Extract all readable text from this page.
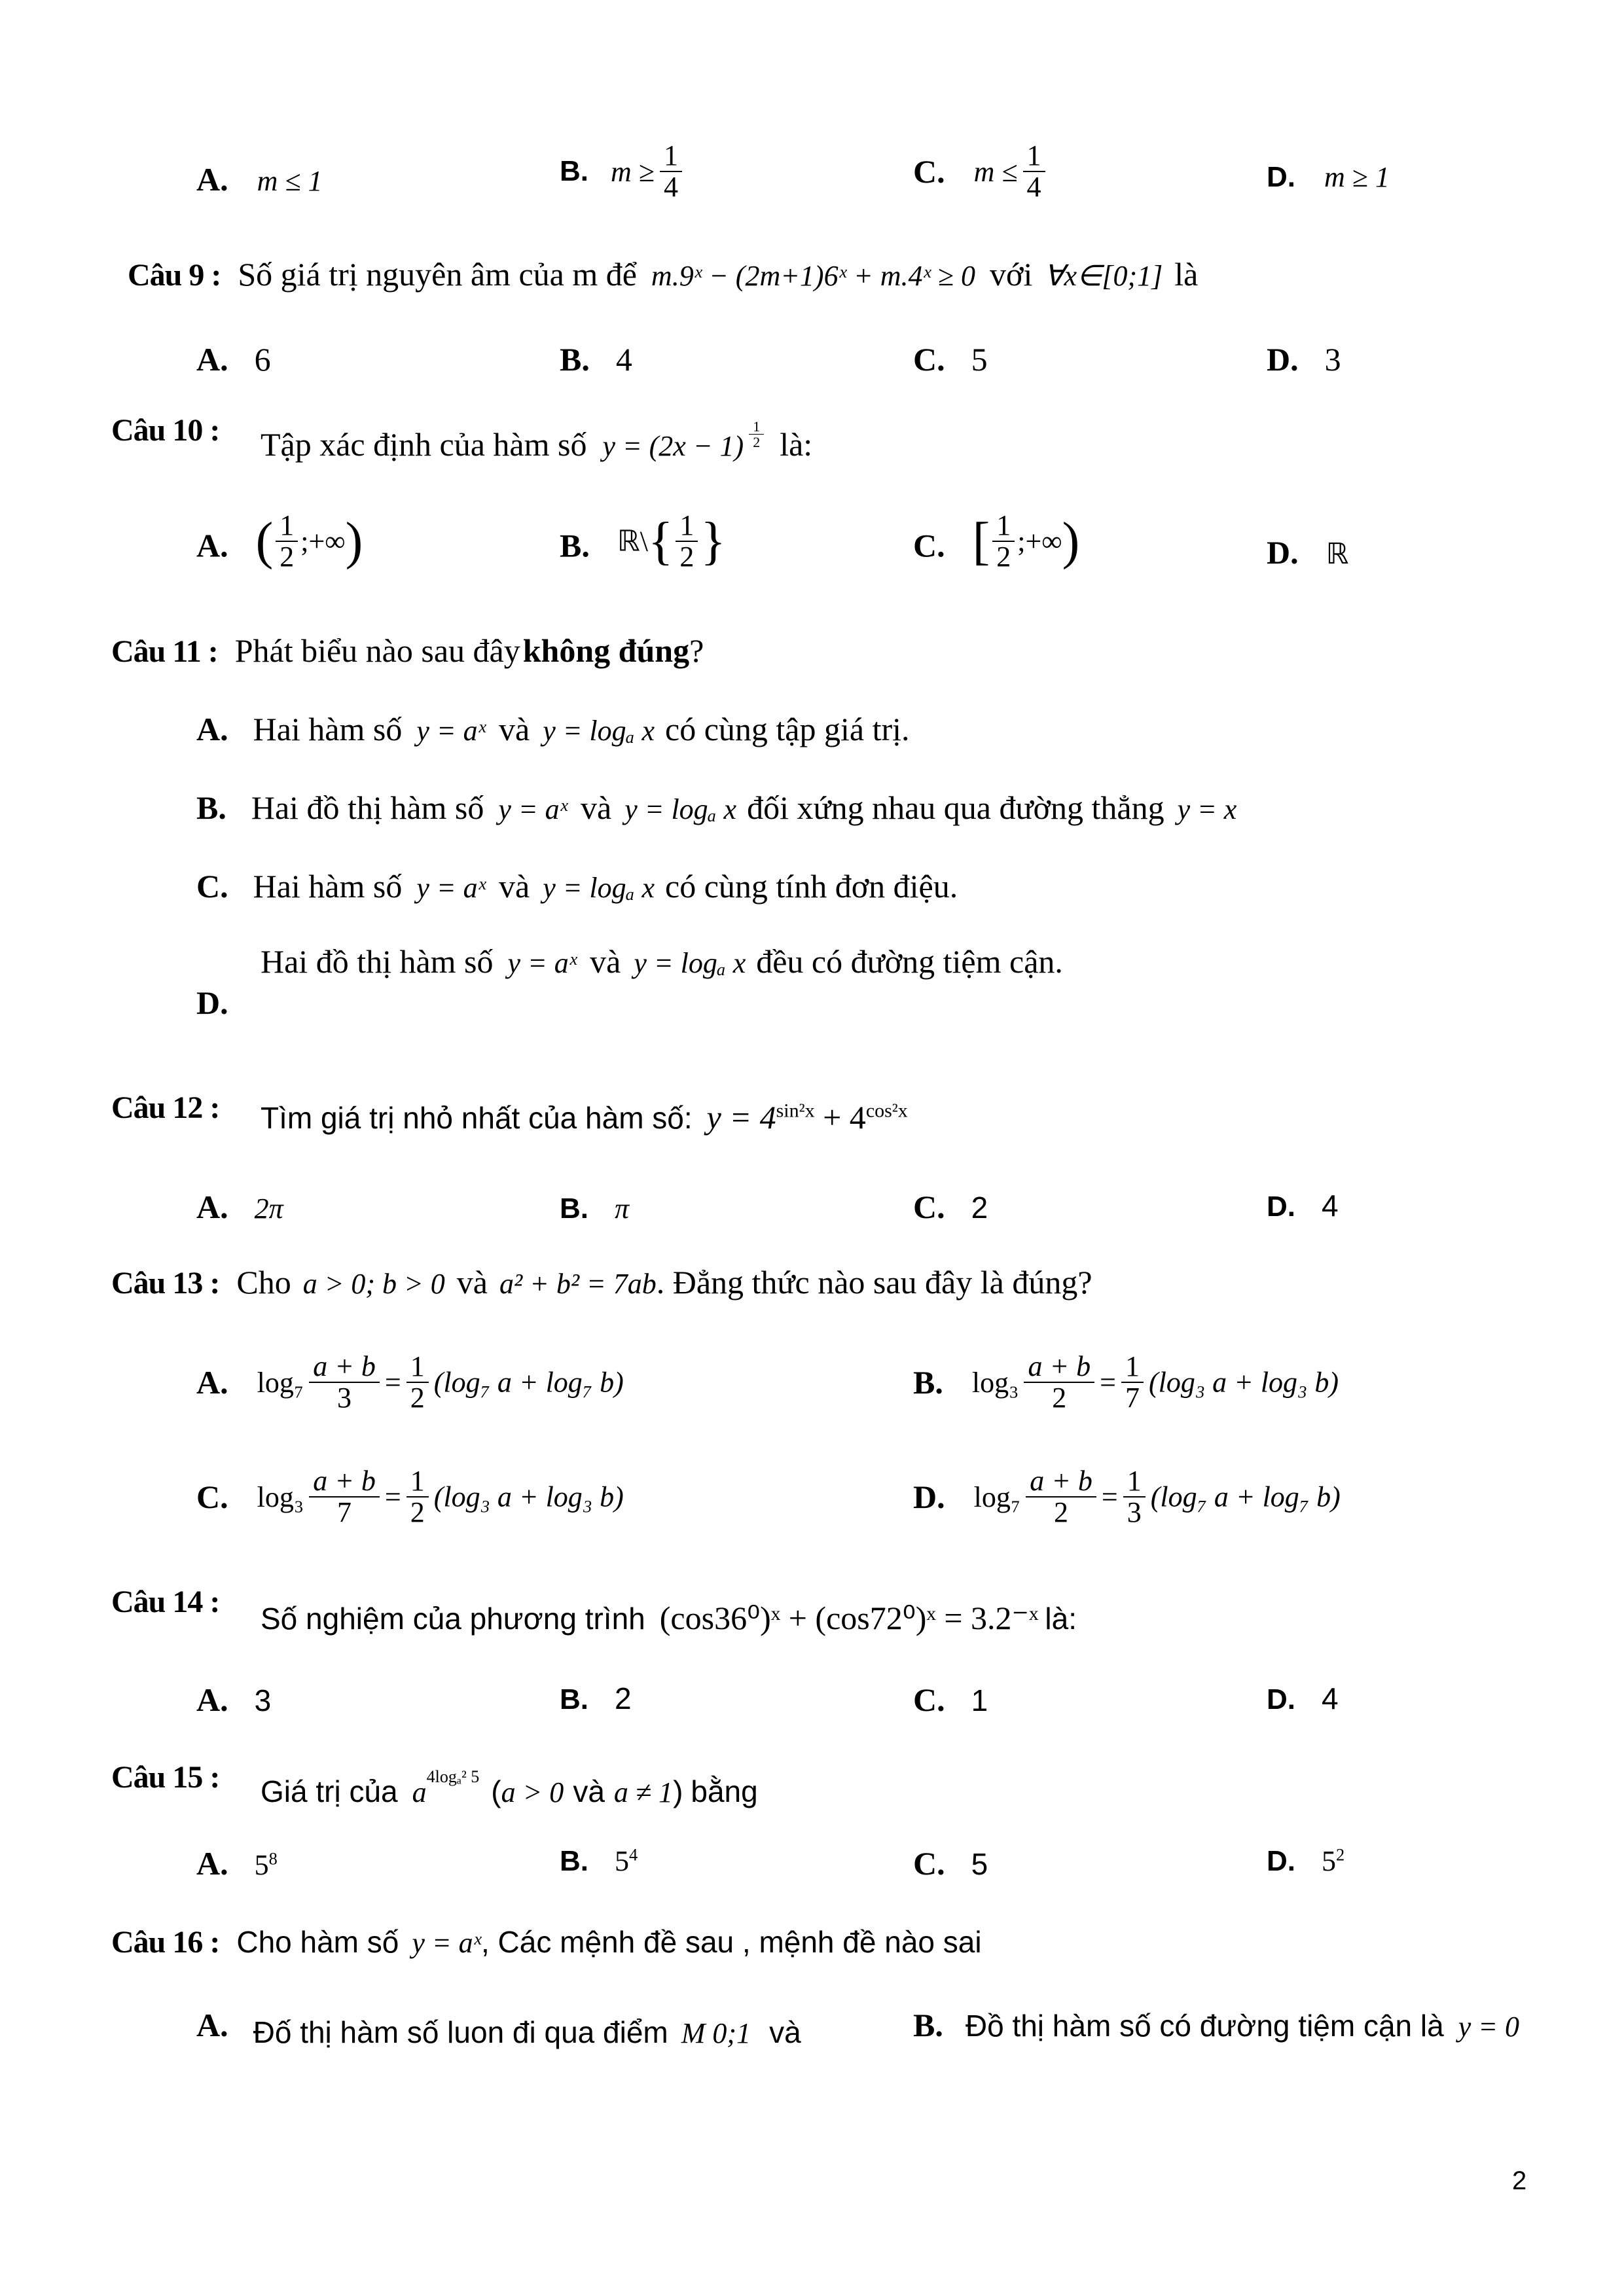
A. m ≤ 1	B. $m \ge \frac{1}{4}$	C. $m \le \frac{1}{4}$	D. m ≥ 1
Câu 9 : Số giá trị nguyên âm của m để m.9ˣ − (2m+1)6ˣ + m.4ˣ ≥ 0 với ∀x∈[0;1] là
A. 6	B. 4	C. 5	D. 3
Câu 10 : Tập xác định của hàm số $y = (2x - 1) \frac{1}{2}$ là:
A. ( $\frac{1}{2}$ ;+∞)	B. ℝ\{ $\frac{1}{2}$ }	C. [ $\frac{1}{2}$ ;+∞)	D. ℝ
Câu 11 : Phát biểu nào sau đây không đúng?
A. Hai hàm số y = aˣ và y = logₐ x có cùng tập giá trị.
B. Hai đồ thị hàm số y = aˣ và y = logₐ x đối xứng nhau qua đường thẳng y = x
C. Hai hàm số y = aˣ và y = logₐ x có cùng tính đơn điệu.
Hai đồ thị hàm số y = aˣ và y = logₐ x đều có đường tiệm cận.
D.
Câu 12 : Tìm giá trị nhỏ nhất của hàm số: $y = 4^{sin^2x} + 4^{cos^2x}$
A. 2π	B. π	C. 2	D. 4
Câu 13 : Cho a > 0; b > 0 và a² + b² = 7ab. Đẳng thức nào sau đây là đúng?
A. $\log_7 \frac{a + b}{3} = \frac{1}{2} (\log_7$ a + log₇ b)	B. $\log_3 \frac{a + b}{2} = \frac{1}{7} (\log_3$ a + log₃ b)
C. $\log_3 \frac{a + b}{7} = \frac{1}{2} (\log_3$ a + log₃ b)	D. $\log_7 \frac{a + b}{2} = \frac{1}{3} (\log_7$ a + log₇ b)
Câu 14 : Số nghiệm của phương trình (cos36⁰)ˣ + (cos72⁰)ˣ = 3.2⁻ˣ là:
A. 3	B. 2	C. 1	D. 4
Câu 15 : Giá trị của $a^{4log_a^2 5}$ (a > 0 và a ≠ 1) bằng
A. $5^8$	B. $5^4$	C. 5	D. $5^2$
Câu 16 : Cho hàm số y = aˣ, Các mệnh đề sau , mệnh đề nào sai
A. Đố thị hàm số luon đi qua điểm M 0;1 và	B. Đồ thị hàm số có đường tiệm cận là y = 0
2
